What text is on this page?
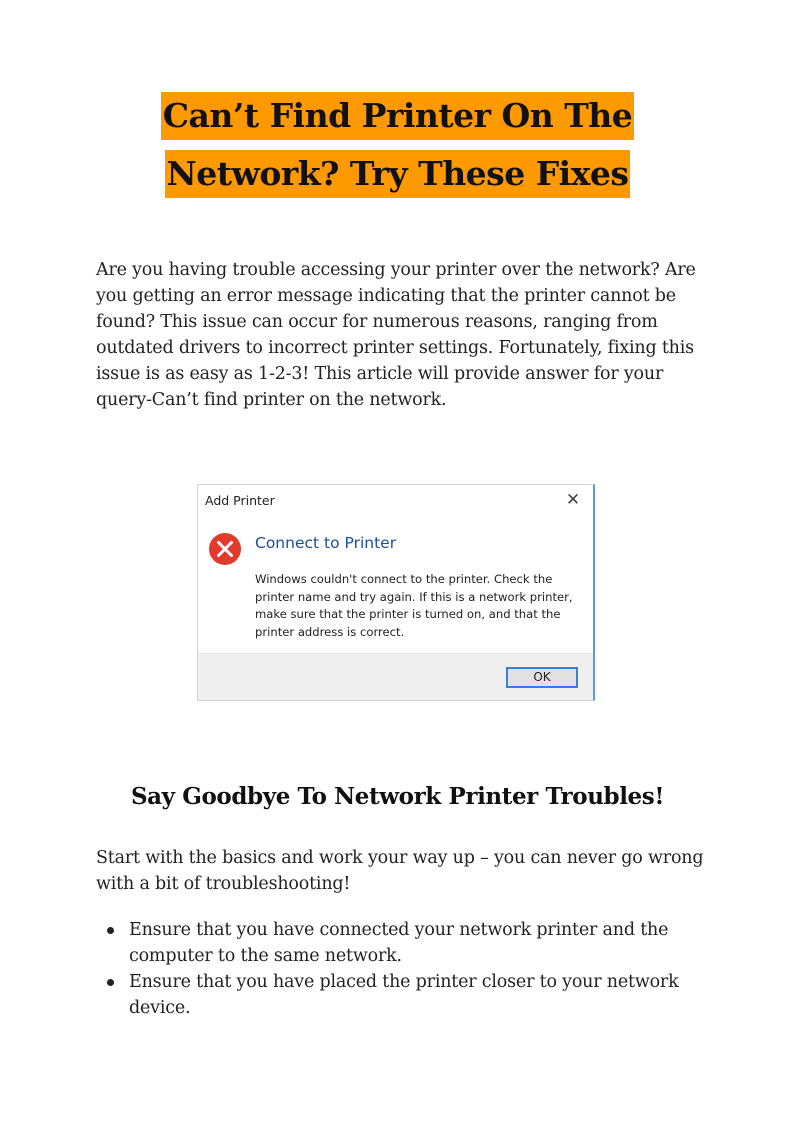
Can’t Find Printer On The
Network? Try These Fixes

Are you having trouble accessing your printer over the network? Are you getting an error message indicating that the printer cannot be found? This issue can occur for numerous reasons, ranging from outdated drivers to incorrect printer settings. Fortunately, fixing this issue is as easy as 1-2-3! This article will provide answer for your query-Can’t find printer on the network.

Add Printer	✕
Connect to Printer

Windows couldn't connect to the printer. Check the printer name and try again. If this is a network printer, make sure that the printer is turned on, and that the printer address is correct.

OK
Say Goodbye To Network Printer Troubles!

Start with the basics and work your way up – you can never go wrong with a bit of troubleshooting!

Ensure that you have connected your network printer and the computer to the same network.
Ensure that you have placed the printer closer to your network device.
